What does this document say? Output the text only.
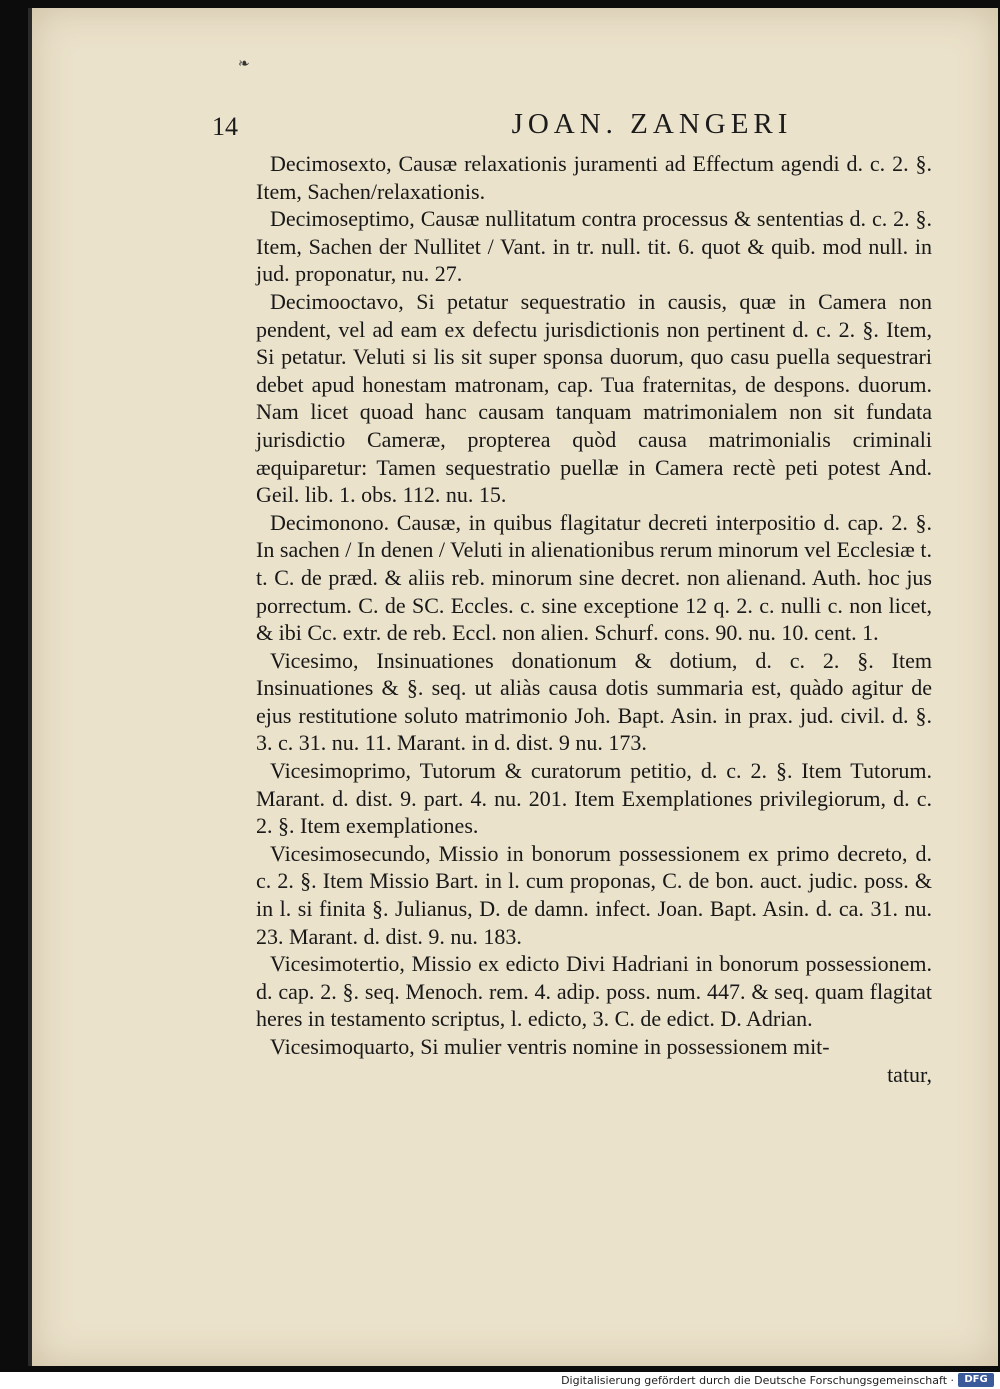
❧
14	JOAN. ZANGERI

Decimosexto, Causæ relaxationis juramenti ad Effectum agendi d. c. 2. §. Item, Sachen/relaxationis.

Decimoseptimo, Causæ nullitatum contra processus & sententias d. c. 2. §. Item, Sachen der Nullitet / Vant. in tr. null. tit. 6. quot & quib. mod null. in jud. proponatur, nu. 27.

Decimooctavo, Si petatur sequestratio in causis, quæ in Camera non pendent, vel ad eam ex defectu jurisdictionis non pertinent d. c. 2. §. Item, Si petatur. Veluti si lis sit super sponsa duorum, quo casu puella sequestrari debet apud honestam matronam, cap. Tua fraternitas, de despons. duorum. Nam licet quoad hanc causam tanquam matrimonialem non sit fundata jurisdictio Cameræ, propterea quòd causa matrimonialis criminali æquiparetur: Tamen sequestratio puellæ in Camera rectè peti potest And. Geil. lib. 1. obs. 112. nu. 15.

Decimonono. Causæ, in quibus flagitatur decreti interpositio d. cap. 2. §. In sachen / In denen / Veluti in alienationibus rerum minorum vel Ecclesiæ t. t. C. de præd. & aliis reb. minorum sine decret. non alienand. Auth. hoc jus porrectum. C. de SC. Eccles. c. sine exceptione 12 q. 2. c. nulli c. non licet, & ibi Cc. extr. de reb. Eccl. non alien. Schurf. cons. 90. nu. 10. cent. 1.

Vicesimo, Insinuationes donationum & dotium, d. c. 2. §. Item Insinuationes & §. seq. ut aliàs causa dotis summaria est, quàdo agitur de ejus restitutione soluto matrimonio Joh. Bapt. Asin. in prax. jud. civil. d. §. 3. c. 31. nu. 11. Marant. in d. dist. 9 nu. 173.

Vicesimoprimo, Tutorum & curatorum petitio, d. c. 2. §. Item Tutorum. Marant. d. dist. 9. part. 4. nu. 201. Item Exemplationes privilegiorum, d. c. 2. §. Item exemplationes.

Vicesimosecundo, Missio in bonorum possessionem ex primo decreto, d. c. 2. §. Item Missio Bart. in l. cum proponas, C. de bon. auct. judic. poss. & in l. si finita §. Julianus, D. de damn. infect. Joan. Bapt. Asin. d. ca. 31. nu. 23. Marant. d. dist. 9. nu. 183.

Vicesimotertio, Missio ex edicto Divi Hadriani in bonorum possessionem. d. cap. 2. §. seq. Menoch. rem. 4. adip. poss. num. 447. & seq. quam flagitat heres in testamento scriptus, l. edicto, 3. C. de edict. D. Adrian.

Vicesimoquarto, Si mulier ventris nomine in possessionem mit-

tatur,

Digitalisierung gefördert durch die Deutsche Forschungsgemeinschaft ·	DFG
